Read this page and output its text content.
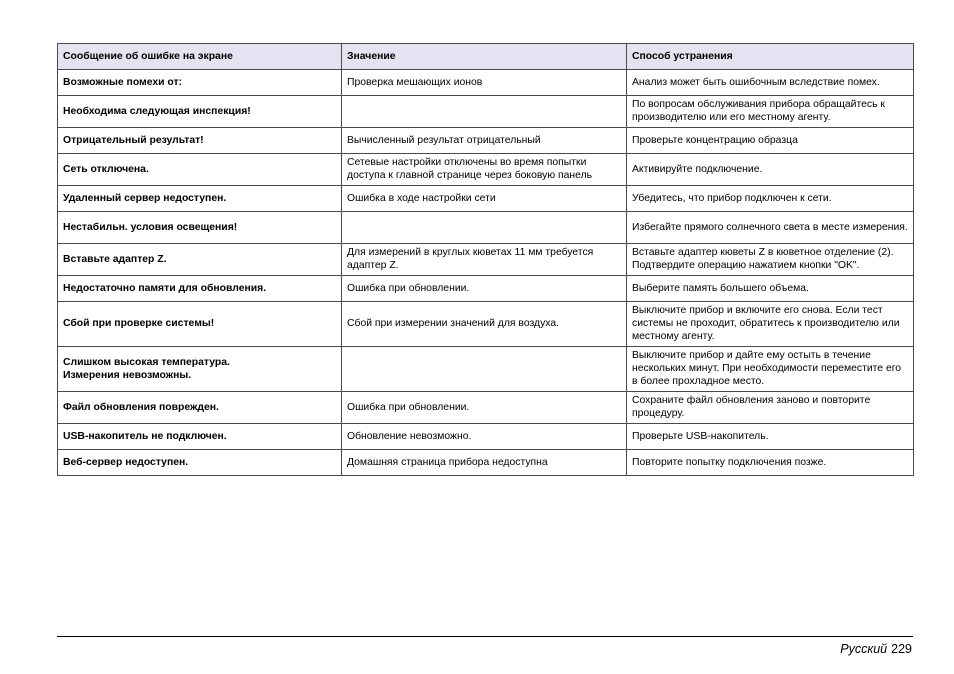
Сообщение об ошибке на экране	Значение	Способ устранения
Возможные помехи от:	Проверка мешающих ионов	Анализ может быть ошибочным вследствие помех.
Необходима следующая инспекция!		По вопросам обслуживания прибора обращайтесь к производителю или его местному агенту.
Отрицательный результат!	Вычисленный результат отрицательный	Проверьте концентрацию образца
Сеть отключена.	Сетевые настройки отключены во время попытки доступа к главной странице через боковую панель	Активируйте подключение.
Удаленный сервер недоступен.	Ошибка в ходе настройки сети	Убедитесь, что прибор подключен к сети.
Нестабильн. условия освещения!		Избегайте прямого солнечного света в месте измерения.
Вставьте адаптер Z.	Для измерений в круглых кюветах 11 мм требуется адаптер Z.	Вставьте адаптер кюветы Z в кюветное отделение (2). Подтвердите операцию нажатием кнопки "OK".
Недостаточно памяти для обновления.	Ошибка при обновлении.	Выберите память большего объема.
Сбой при проверке системы!	Сбой при измерении значений для воздуха.	Выключите прибор и включите его снова. Если тест системы не проходит, обратитесь к производителю или местному агенту.
Слишком высокая температура.
Измерения невозможны.		Выключите прибор и дайте ему остыть в течение нескольких минут. При необходимости переместите его в более прохладное место.
Файл обновления поврежден.	Ошибка при обновлении.	Сохраните файл обновления заново и повторите процедуру.
USB-накопитель не подключен.	Обновление невозможно.	Проверьте USB-накопитель.
Веб-сервер недоступен.	Домашняя страница прибора недоступна	Повторите попытку подключения позже.
Русский 229
